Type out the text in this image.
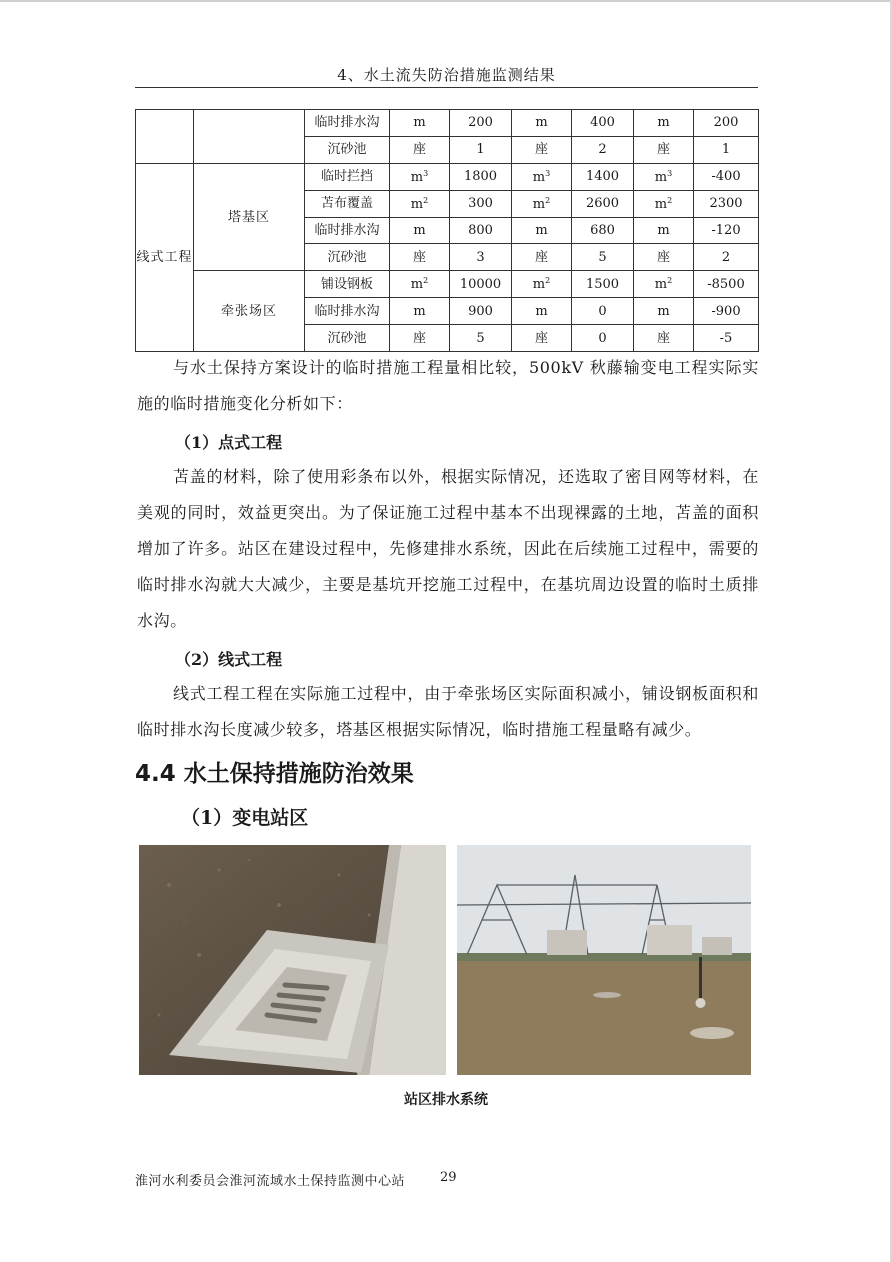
4、水土流失防治措施监测结果
		临时排水沟	m	200	m	400	m	200
		沉砂池	座	1	座	2	座	1
线式工程	塔基区	临时拦挡	$m^3$	1800	$m^3$	1400	$m^3$	-400
		苫布覆盖	$m^2$	300	$m^2$	2600	$m^2$	2300
		临时排水沟	m	800	m	680	m	-120
		沉砂池	座	3	座	5	座	2
	牵张场区	铺设钢板	$m^2$	10000	$m^2$	1500	$m^2$	-8500
		临时排水沟	m	900	m	0	m	-900
		沉砂池	座	5	座	0	座	-5

与水土保持方案设计的临时措施工程量相比较，500kV 秋藤输变电工程实际实施的临时措施变化分析如下：

（1）点式工程

苫盖的材料，除了使用彩条布以外，根据实际情况，还选取了密目网等材料，在美观的同时，效益更突出。为了保证施工过程中基本不出现裸露的土地，苫盖的面积增加了许多。站区在建设过程中，先修建排水系统，因此在后续施工过程中，需要的临时排水沟就大大减少，主要是基坑开挖施工过程中，在基坑周边设置的临时土质排水沟。

（2）线式工程

线式工程工程在实际施工过程中，由于牵张场区实际面积减小，铺设钢板面积和临时排水沟长度减少较多，塔基区根据实际情况，临时措施工程量略有减少。

4.4 水土保持措施防治效果
（1）变电站区
站区排水系统
淮河水利委员会淮河流域水土保持监测中心站	29
